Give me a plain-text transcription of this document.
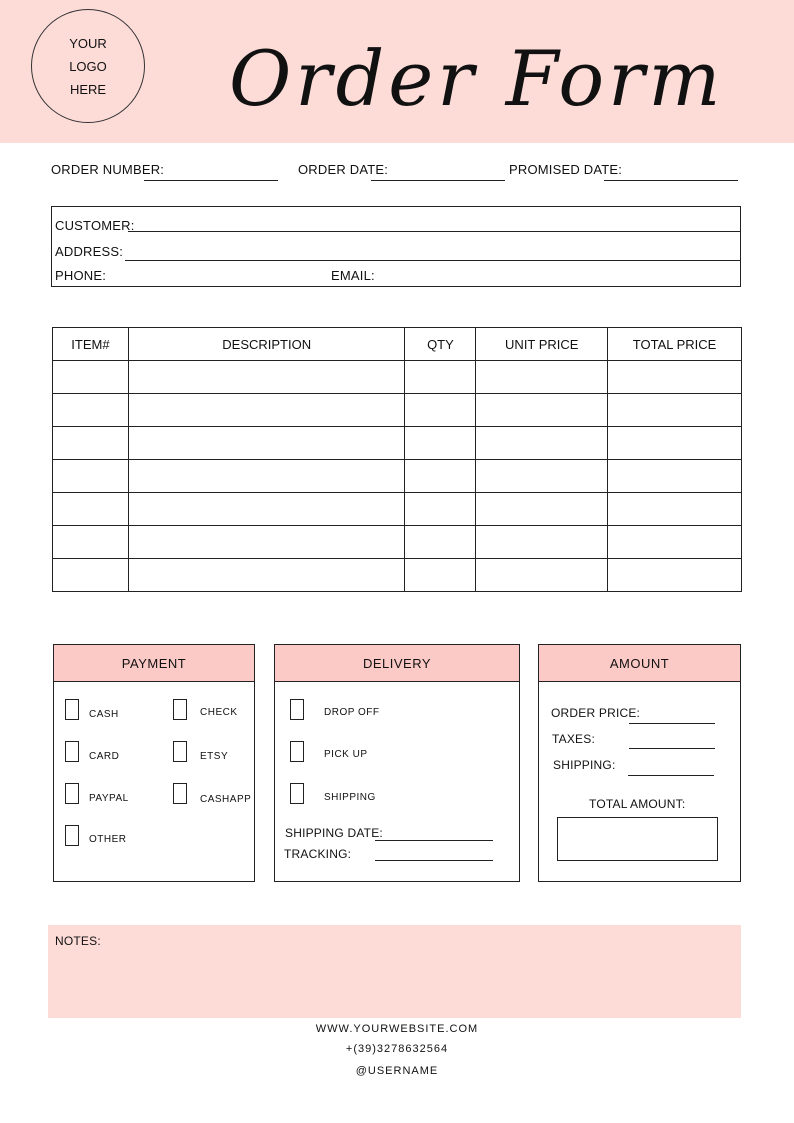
YOUR
LOGO
HERE Order Form
ORDER NUMBER:	ORDER DATE:	PROMISED DATE:
CUSTOMER:
ADDRESS:
PHONE:	EMAIL:
ITEM#	DESCRIPTION	QTY	UNIT PRICE	TOTAL PRICE

PAYMENT
CASH	CHECK
CARD	ETSY
PAYPAL	CASHAPP
OTHER
DELIVERY
DROP OFF
PICK UP
SHIPPING
SHIPPING DATE:
TRACKING:
AMOUNT
ORDER PRICE:
TAXES:
SHIPPING:
TOTAL AMOUNT:
NOTES:
WWW.YOURWEBSITE.COM
+(39)3278632564
@USERNAME
